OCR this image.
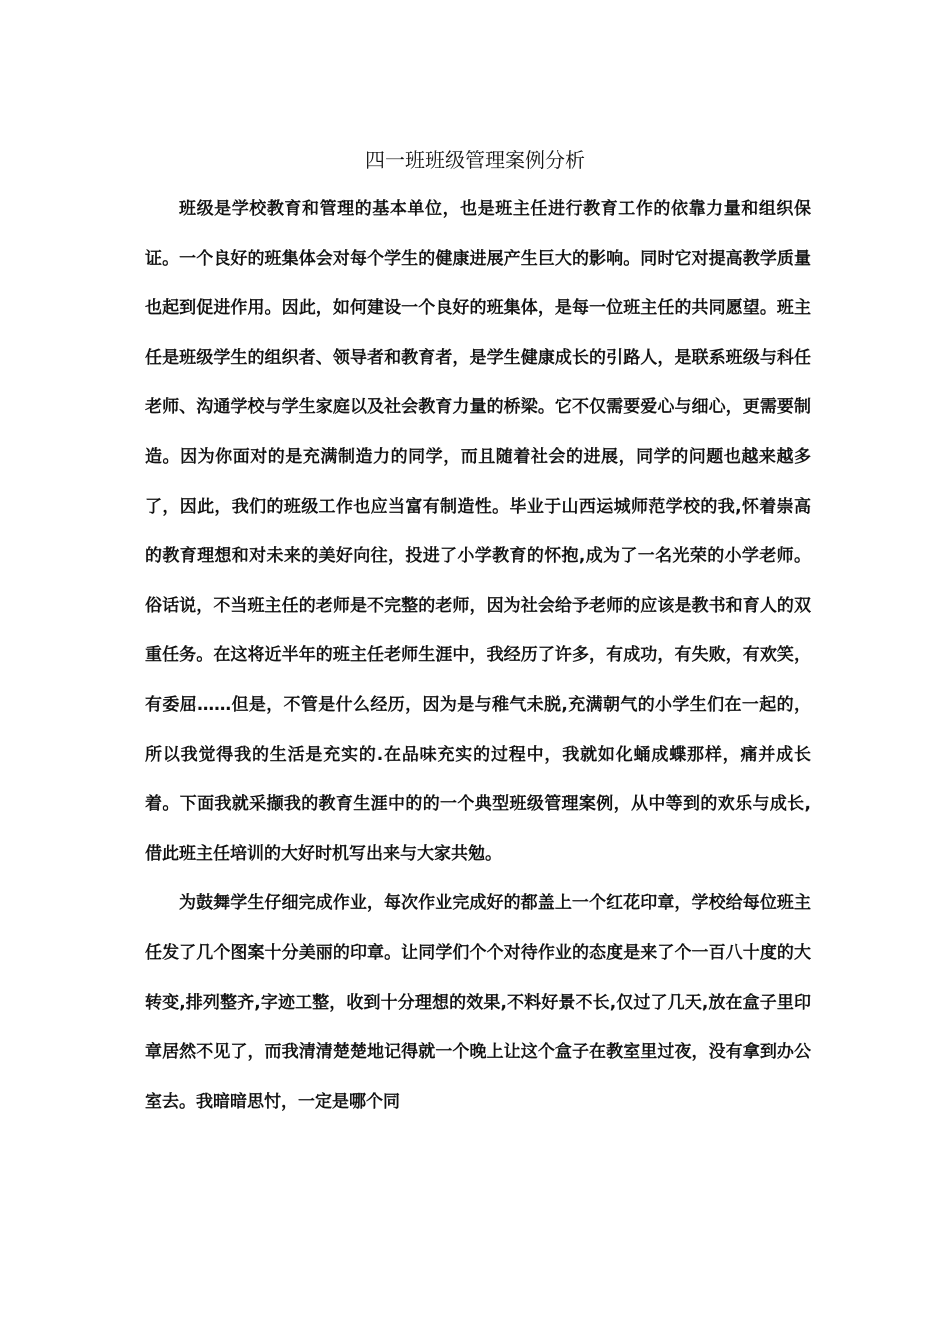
四一班班级管理案例分析

班级是学校教育和管理的基本单位，也是班主任进行教育工作的依靠力量和组织保证。一个良好的班集体会对每个学生的健康进展产生巨大的影响。同时它对提高教学质量也起到促进作用。因此，如何建设一个良好的班集体，是每一位班主任的共同愿望。班主任是班级学生的组织者、领导者和教育者，是学生健康成长的引路人，是联系班级与科任老师、沟通学校与学生家庭以及社会教育力量的桥梁。它不仅需要爱心与细心，更需要制造。因为你面对的是充满制造力的同学，而且随着社会的进展，同学的问题也越来越多了，因此，我们的班级工作也应当富有制造性。毕业于山西运城师范学校的我,怀着崇高的教育理想和对未来的美好向往，投进了小学教育的怀抱,成为了一名光荣的小学老师。俗话说，不当班主任的老师是不完整的老师，因为社会给予老师的应该是教书和育人的双重任务。在这将近半年的班主任老师生涯中，我经历了许多，有成功，有失败，有欢笑，有委屈……但是，不管是什么经历，因为是与稚气未脱,充满朝气的小学生们在一起的，所以我觉得我的生活是充实的.在品味充实的过程中，我就如化蛹成蝶那样，痛并成长着。下面我就采撷我的教育生涯中的的一个典型班级管理案例，从中等到的欢乐与成长,借此班主任培训的大好时机写出来与大家共勉。

为鼓舞学生仔细完成作业，每次作业完成好的都盖上一个红花印章，学校给每位班主任发了几个图案十分美丽的印章。让同学们个个对待作业的态度是来了个一百八十度的大转变,排列整齐,字迹工整，收到十分理想的效果,不料好景不长,仅过了几天,放在盒子里印章居然不见了，而我清清楚楚地记得就一个晚上让这个盒子在教室里过夜，没有拿到办公室去。我暗暗思忖，一定是哪个同
